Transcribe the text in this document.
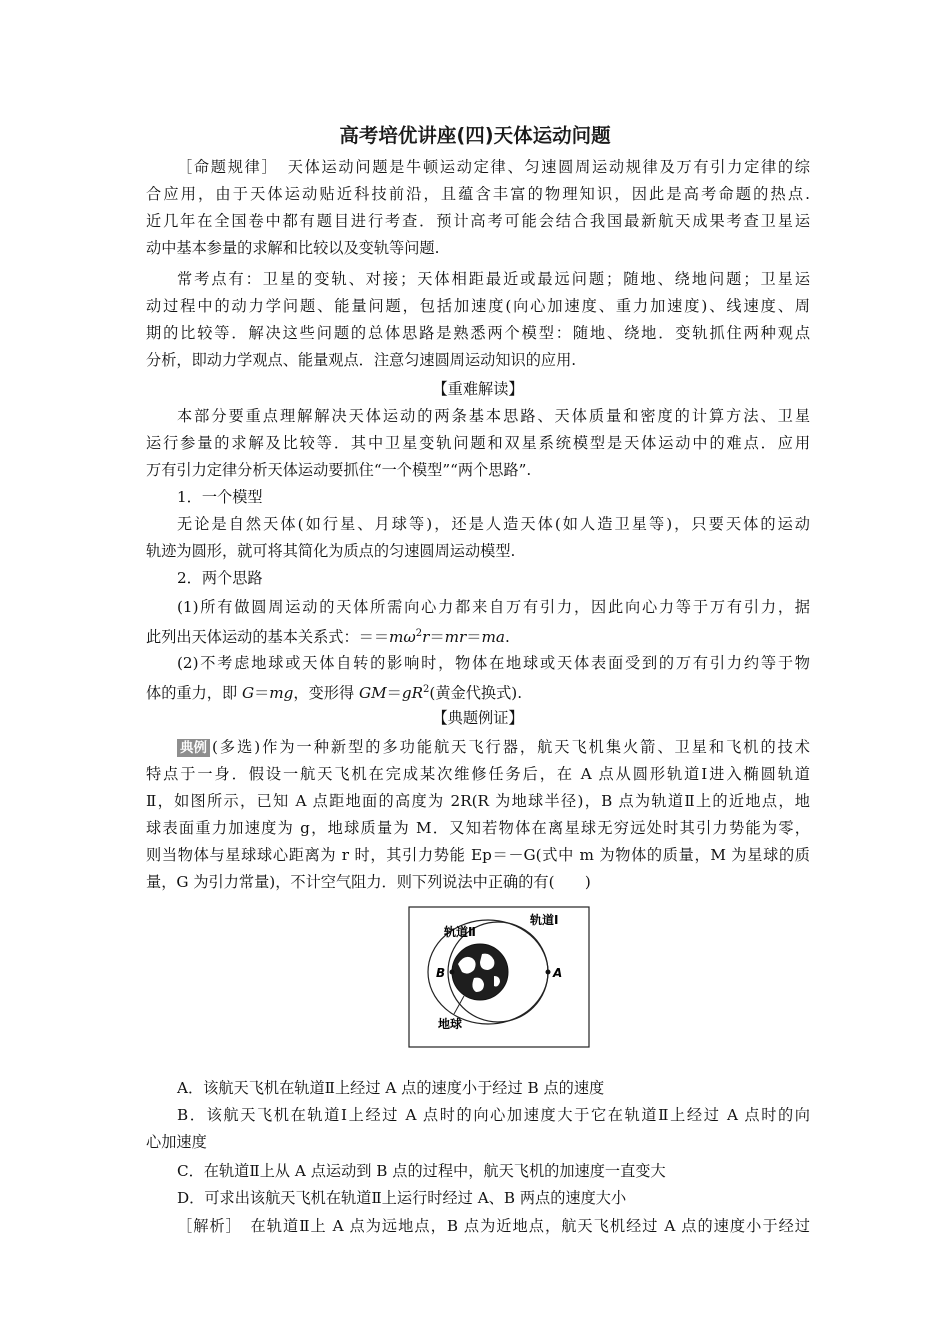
高考培优讲座(四)天体运动问题
［命题规律］　天体运动问题是牛顿运动定律、匀速圆周运动规律及万有引力定律的综
合应用，由于天体运动贴近科技前沿，且蕴含丰富的物理知识，因此是高考命题的热点.
近几年在全国卷中都有题目进行考查．预计高考可能会结合我国最新航天成果考查卫星运
动中基本参量的求解和比较以及变轨等问题.
常考点有：卫星的变轨、对接；天体相距最近或最远问题；随地、绕地问题；卫星运
动过程中的动力学问题、能量问题，包括加速度(向心加速度、重力加速度)、线速度、周
期的比较等．解决这些问题的总体思路是熟悉两个模型：随地、绕地．变轨抓住两种观点
分析，即动力学观点、能量观点．注意匀速圆周运动知识的应用.
【重难解读】
本部分要重点理解解决天体运动的两条基本思路、天体质量和密度的计算方法、卫星
运行参量的求解及比较等．其中卫星变轨问题和双星系统模型是天体运动中的难点．应用
万有引力定律分析天体运动要抓住“一个模型”“两个思路”.
1．一个模型
无论是自然天体(如行星、月球等)，还是人造天体(如人造卫星等)，只要天体的运动
轨迹为圆形，就可将其简化为质点的匀速圆周运动模型.
2．两个思路
(1)所有做圆周运动的天体所需向心力都来自万有引力，因此向心力等于万有引力，据
此列出天体运动的基本关系式：$==m\omega^2r=mr=ma$.
(2)不考虑地球或天体自转的影响时，物体在地球或天体表面受到的万有引力约等于物
体的重力，即 G＝mg，变形得 $GM=gR^2$(黄金代换式).
【典题例证】
典例 (多选)作为一种新型的多功能航天飞行器，航天飞机集火箭、卫星和飞机的技术
特点于一身．假设一航天飞机在完成某次维修任务后，在 A 点从圆形轨道Ⅰ进入椭圆轨道
Ⅱ，如图所示，已知 A 点距地面的高度为 2R(R 为地球半径)，B 点为轨道Ⅱ上的近地点，地
球表面重力加速度为 g，地球质量为 M．又知若物体在离星球无穷远处时其引力势能为零，
则当物体与星球球心距离为 r 时，其引力势能 Ep＝－G(式中 m 为物体的质量，M 为星球的质
量，G 为引力常量)，不计空气阻力．则下列说法中正确的有(　　)
轨道Ⅱ
轨道Ⅰ
B	A
地球
A．该航天飞机在轨道Ⅱ上经过 A 点的速度小于经过 B 点的速度
B．该航天飞机在轨道Ⅰ上经过 A 点时的向心加速度大于它在轨道Ⅱ上经过 A 点时的向
心加速度
C．在轨道Ⅱ上从 A 点运动到 B 点的过程中，航天飞机的加速度一直变大
D．可求出该航天飞机在轨道Ⅱ上运行时经过 A、B 两点的速度大小
［解析］　在轨道Ⅱ上 A 点为远地点，B 点为近地点，航天飞机经过 A 点的速度小于经过
